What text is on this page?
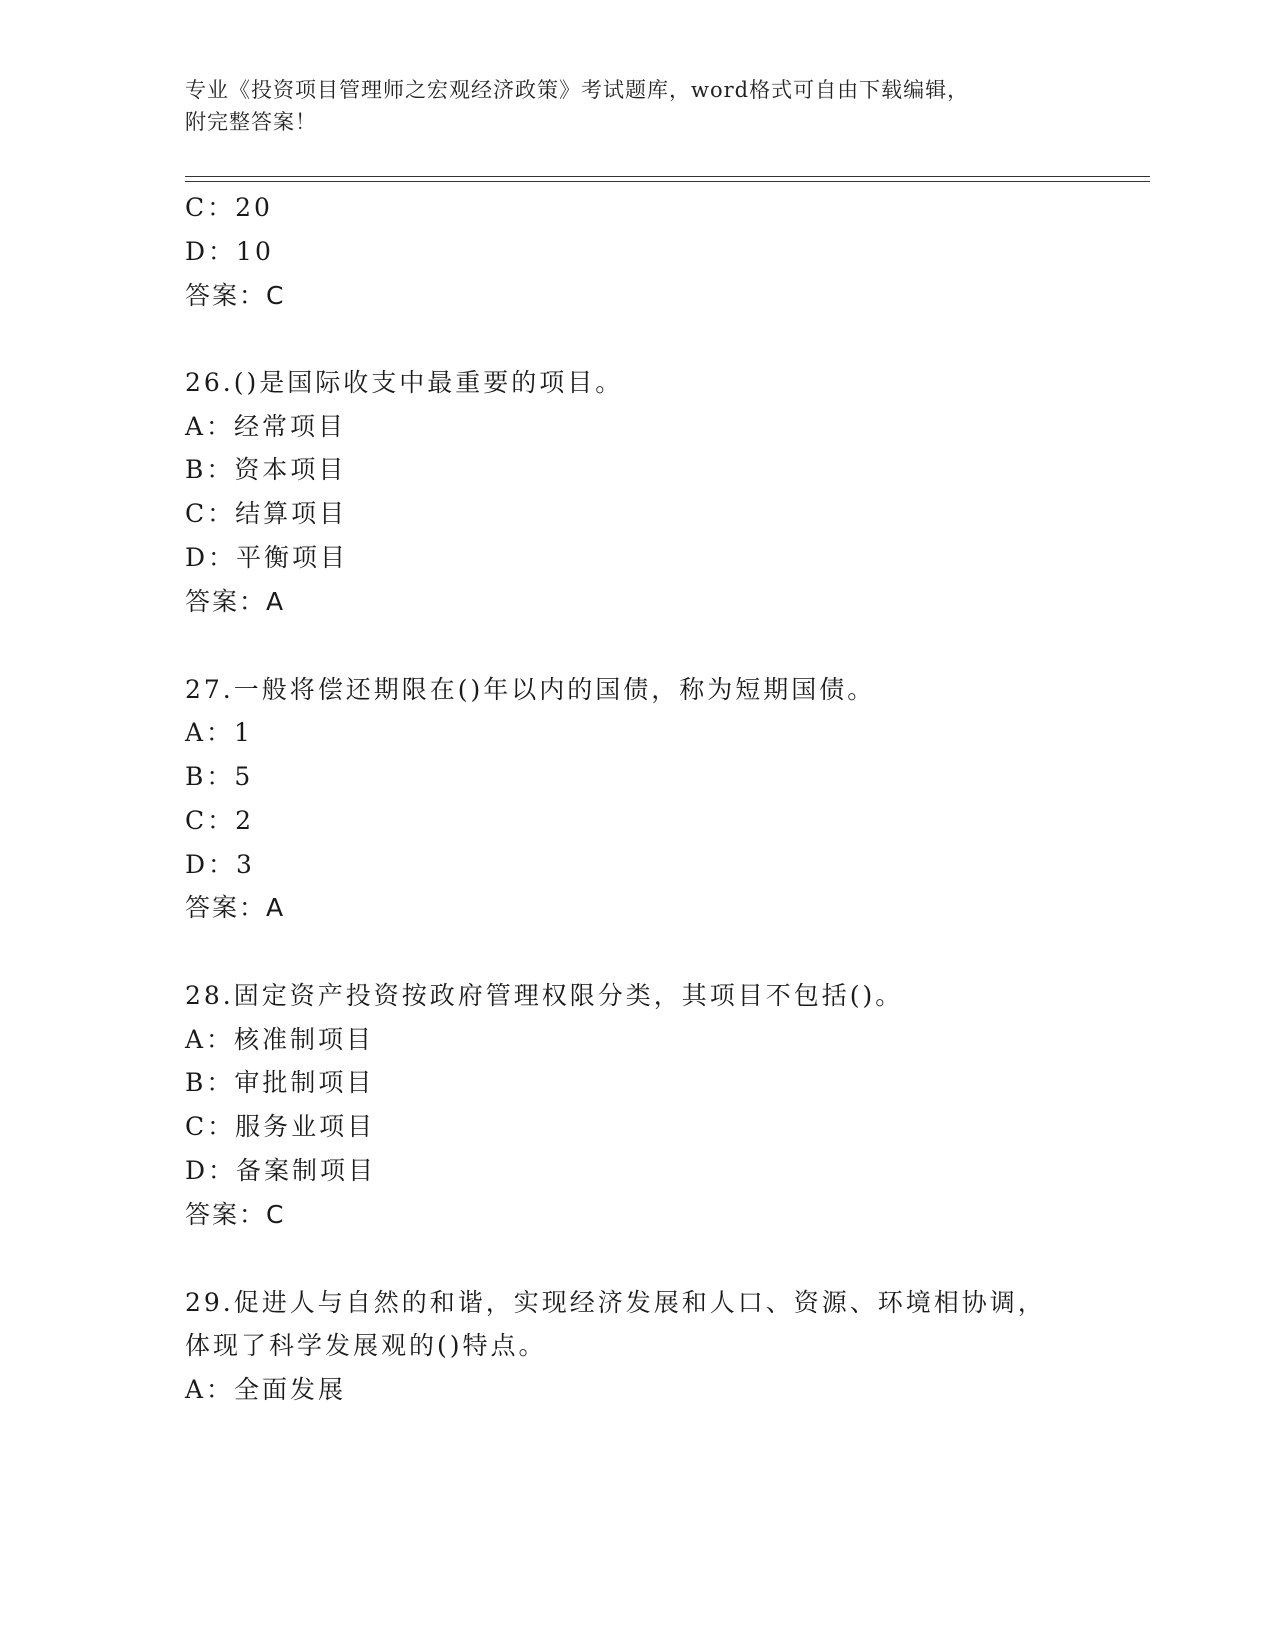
专业《投资项目管理师之宏观经济政策》考试题库，word格式可自由下载编辑，
附完整答案！
C：20
D：10
答案：C
26.()是国际收支中最重要的项目。
A：经常项目
B：资本项目
C：结算项目
D：平衡项目
答案：A
27.一般将偿还期限在()年以内的国债，称为短期国债。
A：1
B：5
C：2
D：3
答案：A
28.固定资产投资按政府管理权限分类，其项目不包括()。
A：核准制项目
B：审批制项目
C：服务业项目
D：备案制项目
答案：C
29.促进人与自然的和谐，实现经济发展和人口、资源、环境相协调，
体现了科学发展观的()特点。
A：全面发展
